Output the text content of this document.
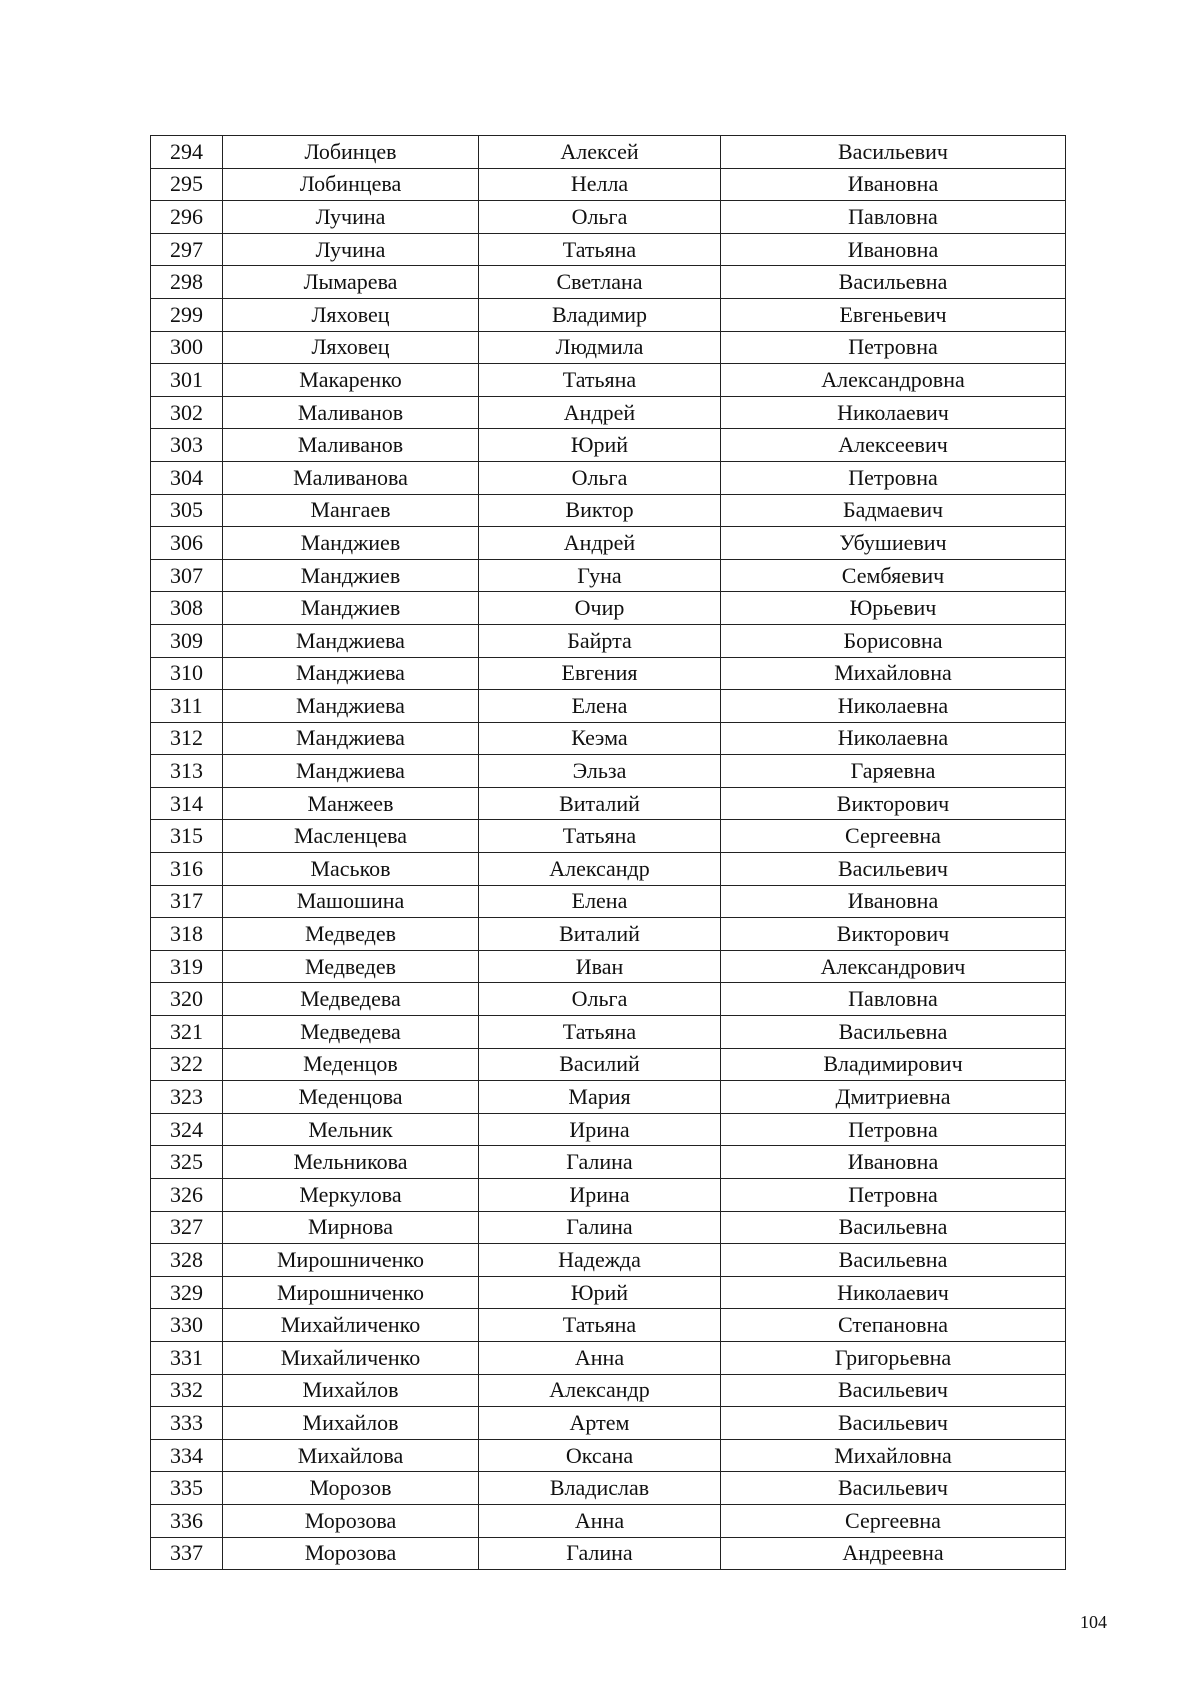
294	Лобинцев	Алексей	Васильевич
295	Лобинцева	Нелла	Ивановна
296	Лучина	Ольга	Павловна
297	Лучина	Татьяна	Ивановна
298	Лымарева	Светлана	Васильевна
299	Ляховец	Владимир	Евгеньевич
300	Ляховец	Людмила	Петровна
301	Макаренко	Татьяна	Александровна
302	Маливанов	Андрей	Николаевич
303	Маливанов	Юрий	Алексеевич
304	Маливанова	Ольга	Петровна
305	Мангаев	Виктор	Бадмаевич
306	Манджиев	Андрей	Убушиевич
307	Манджиев	Гуна	Сембяевич
308	Манджиев	Очир	Юрьевич
309	Манджиева	Байрта	Борисовна
310	Манджиева	Евгения	Михайловна
311	Манджиева	Елена	Николаевна
312	Манджиева	Кеэма	Николаевна
313	Манджиева	Эльза	Гаряевна
314	Манжеев	Виталий	Викторович
315	Масленцева	Татьяна	Сергеевна
316	Маськов	Александр	Васильевич
317	Машошина	Елена	Ивановна
318	Медведев	Виталий	Викторович
319	Медведев	Иван	Александрович
320	Медведева	Ольга	Павловна
321	Медведева	Татьяна	Васильевна
322	Меденцов	Василий	Владимирович
323	Меденцова	Мария	Дмитриевна
324	Мельник	Ирина	Петровна
325	Мельникова	Галина	Ивановна
326	Меркулова	Ирина	Петровна
327	Мирнова	Галина	Васильевна
328	Мирошниченко	Надежда	Васильевна
329	Мирошниченко	Юрий	Николаевич
330	Михайличенко	Татьяна	Степановна
331	Михайличенко	Анна	Григорьевна
332	Михайлов	Александр	Васильевич
333	Михайлов	Артем	Васильевич
334	Михайлова	Оксана	Михайловна
335	Морозов	Владислав	Васильевич
336	Морозова	Анна	Сергеевна
337	Морозова	Галина	Андреевна
104
